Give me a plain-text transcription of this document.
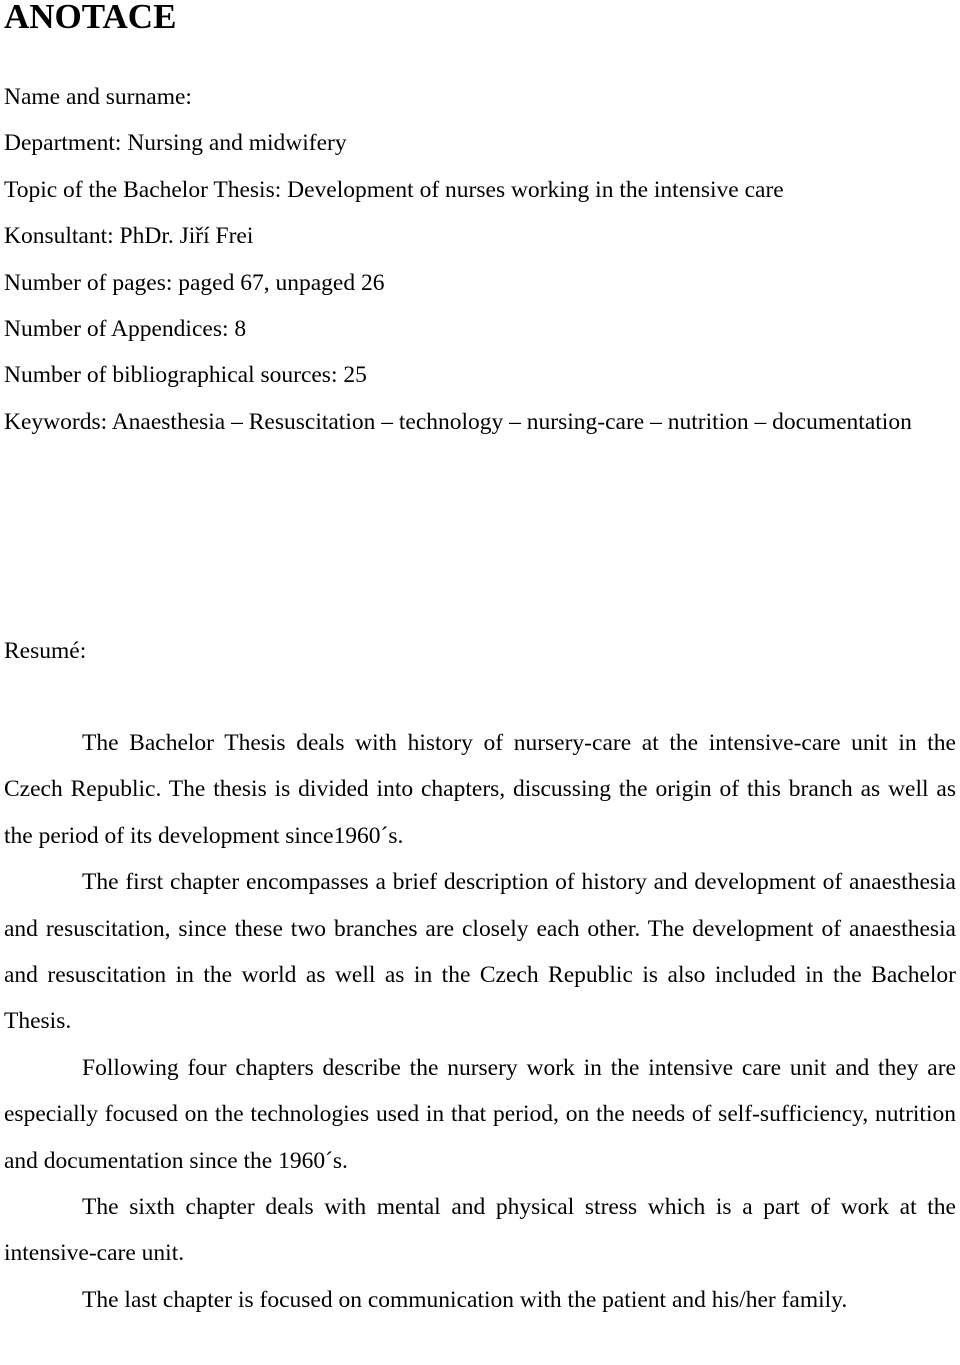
ANOTACE
Name and surname:
Department: Nursing and midwifery
Topic of the Bachelor Thesis: Development of nurses working in the intensive care
Konsultant: PhDr. Jiří Frei
Number of pages: paged 67, unpaged 26
Number of Appendices: 8
Number of bibliographical sources: 25
Keywords: Anaesthesia – Resuscitation – technology – nursing-care – nutrition – documentation
Resumé:

The Bachelor Thesis deals with history of nursery-care at the intensive-care unit in the Czech Republic. The thesis is divided into chapters, discussing the origin of this branch as well as the period of its development since1960´s.

The first chapter encompasses a brief description of history and development of anaesthesia and resuscitation, since these two branches are closely each other. The development of anaesthesia and resuscitation in the world as well as in the Czech Republic is also included in the Bachelor Thesis.

Following four chapters describe the nursery work in the intensive care unit and they are especially focused on the technologies used in that period, on the needs of self-sufficiency, nutrition and documentation since the 1960´s.

The sixth chapter deals with mental and physical stress which is a part of work at the intensive-care unit.

The last chapter is focused on communication with the patient and his/her family.
